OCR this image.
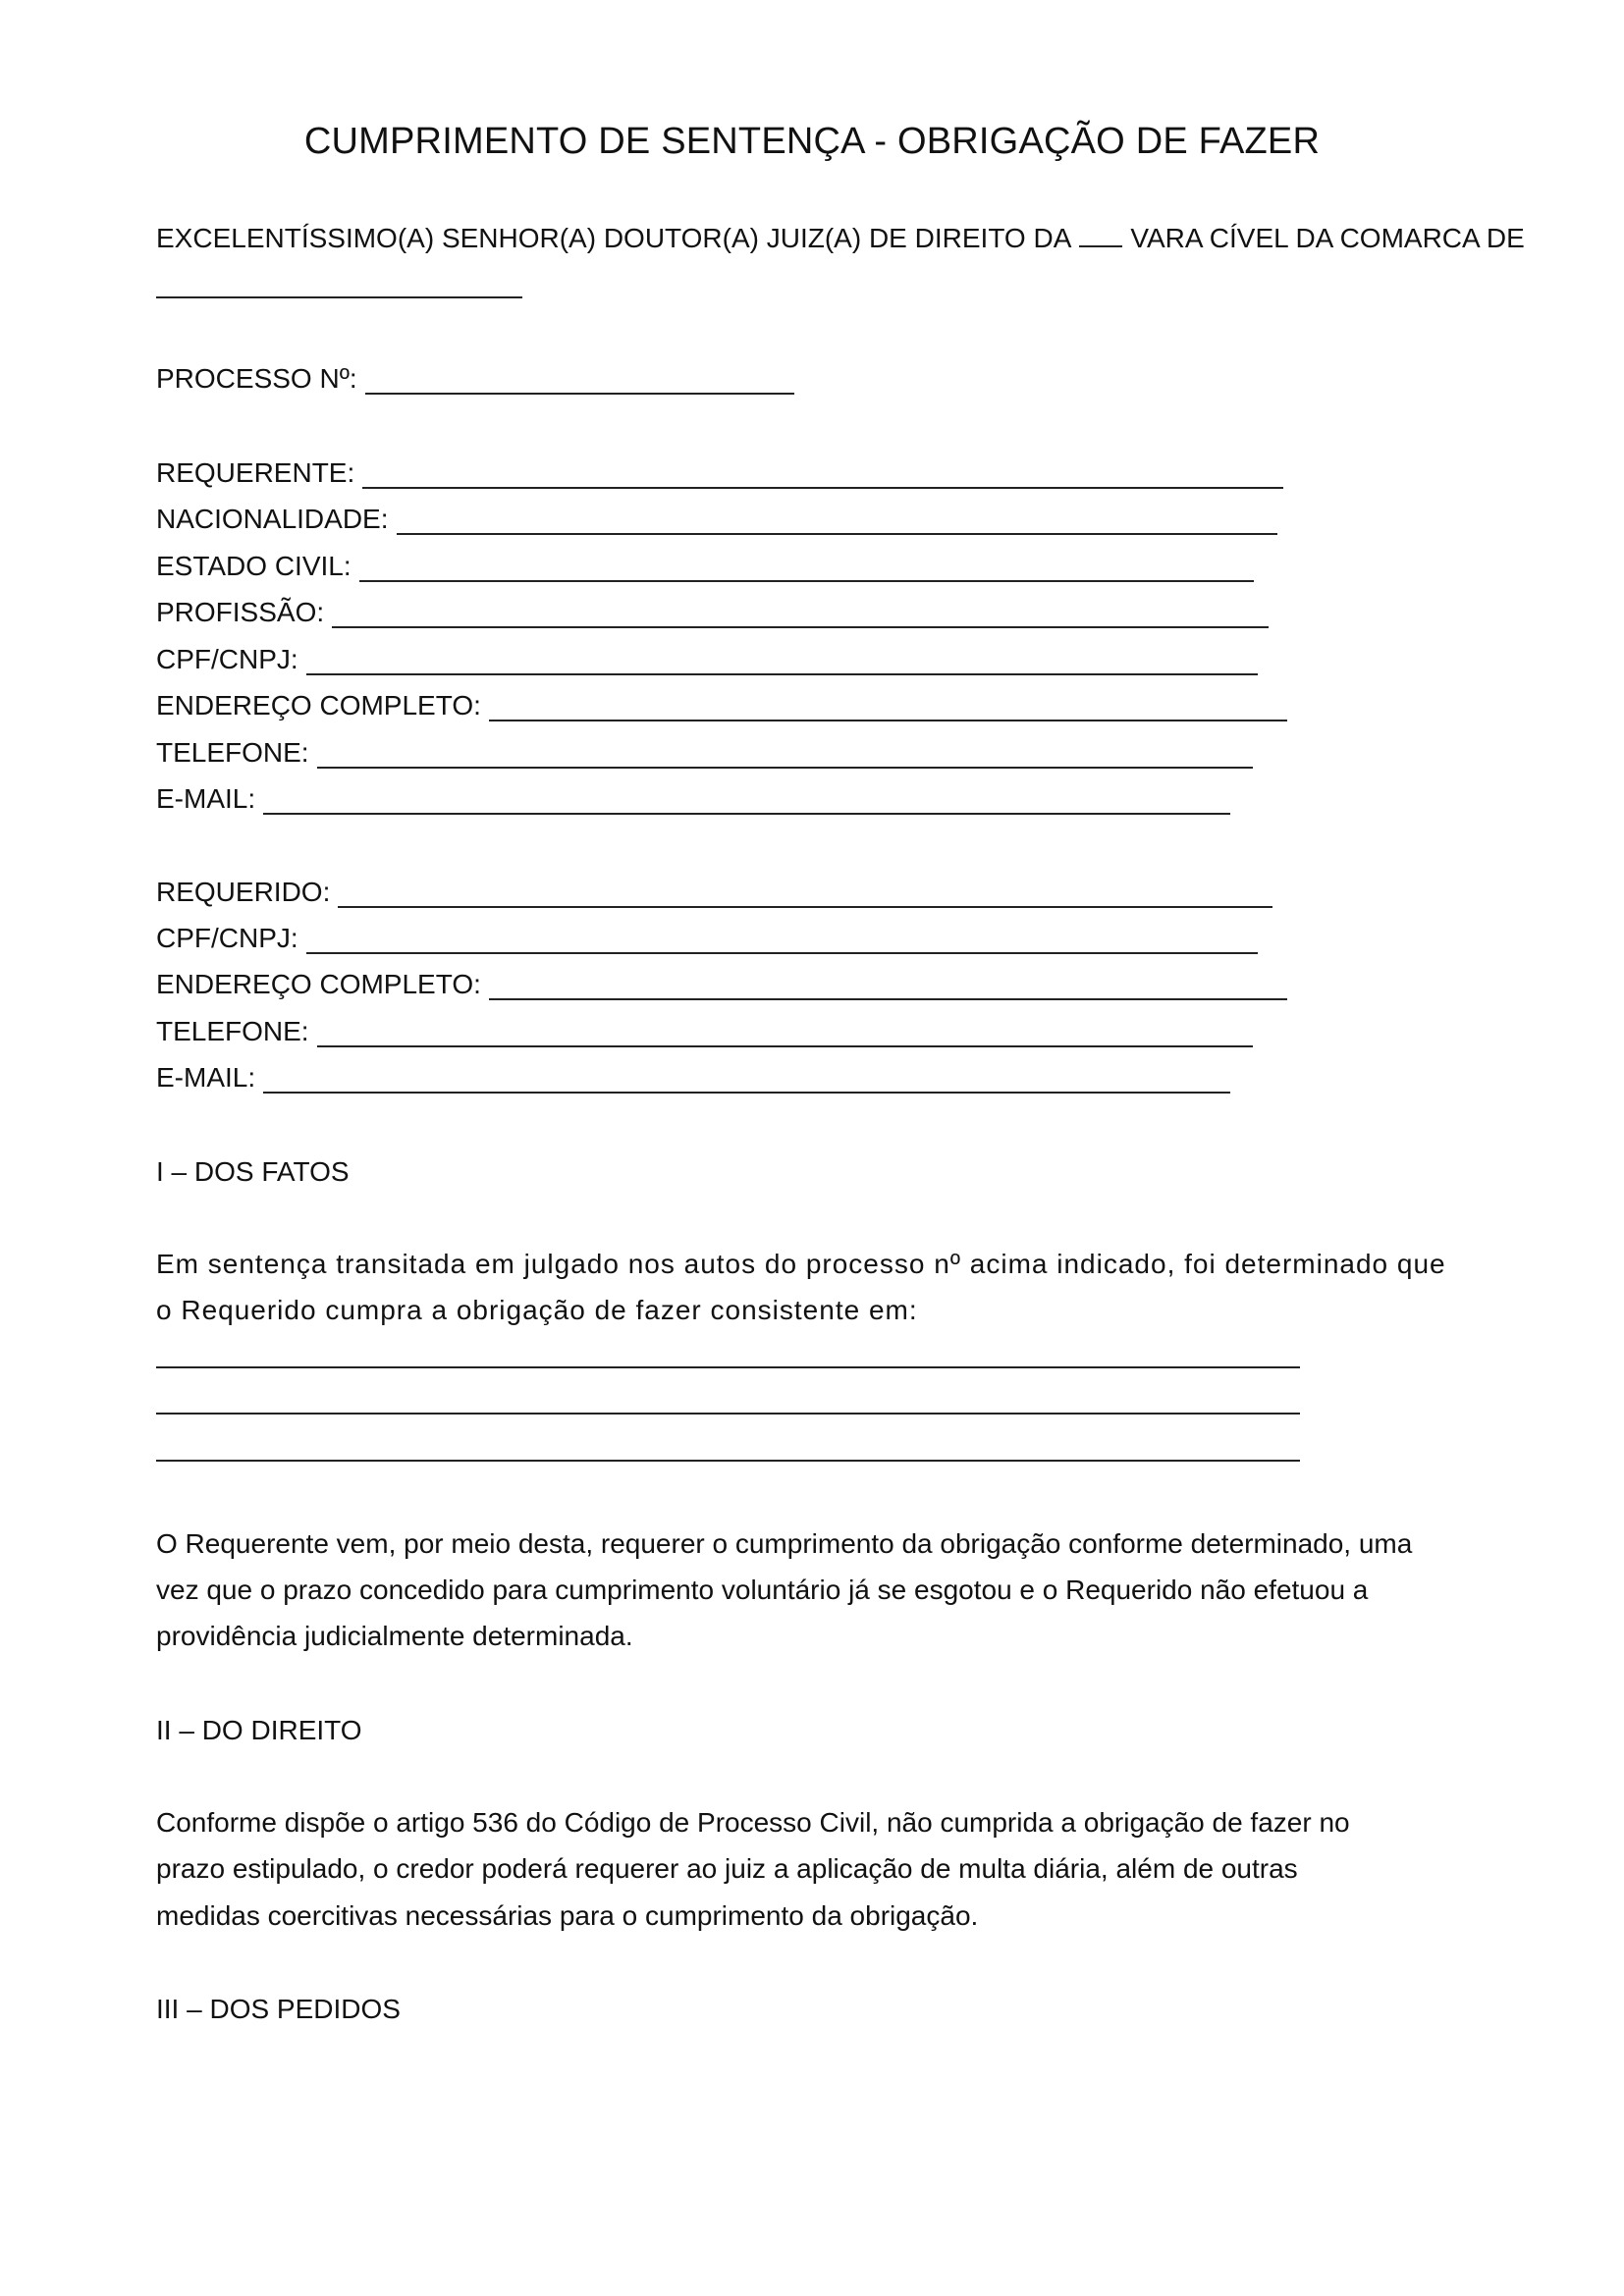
CUMPRIMENTO DE SENTENÇA - OBRIGAÇÃO DE FAZER
EXCELENTÍSSIMO(A) SENHOR(A) DOUTOR(A) JUIZ(A) DE DIREITO DA VARA CÍVEL DA COMARCA DE
PROCESSO Nº:
REQUERENTE:
NACIONALIDADE:
ESTADO CIVIL:
PROFISSÃO:
CPF/CNPJ:
ENDEREÇO COMPLETO:
TELEFONE:
E-MAIL:
REQUERIDO:
CPF/CNPJ:
ENDEREÇO COMPLETO:
TELEFONE:
E-MAIL:
I – DOS FATOS
Em sentença transitada em julgado nos autos do processo nº acima indicado, foi determinado que
o Requerido cumpra a obrigação de fazer consistente em:
O Requerente vem, por meio desta, requerer o cumprimento da obrigação conforme determinado, uma
vez que o prazo concedido para cumprimento voluntário já se esgotou e o Requerido não efetuou a
providência judicialmente determinada.
II – DO DIREITO
Conforme dispõe o artigo 536 do Código de Processo Civil, não cumprida a obrigação de fazer no
prazo estipulado, o credor poderá requerer ao juiz a aplicação de multa diária, além de outras
medidas coercitivas necessárias para o cumprimento da obrigação.
III – DOS PEDIDOS
